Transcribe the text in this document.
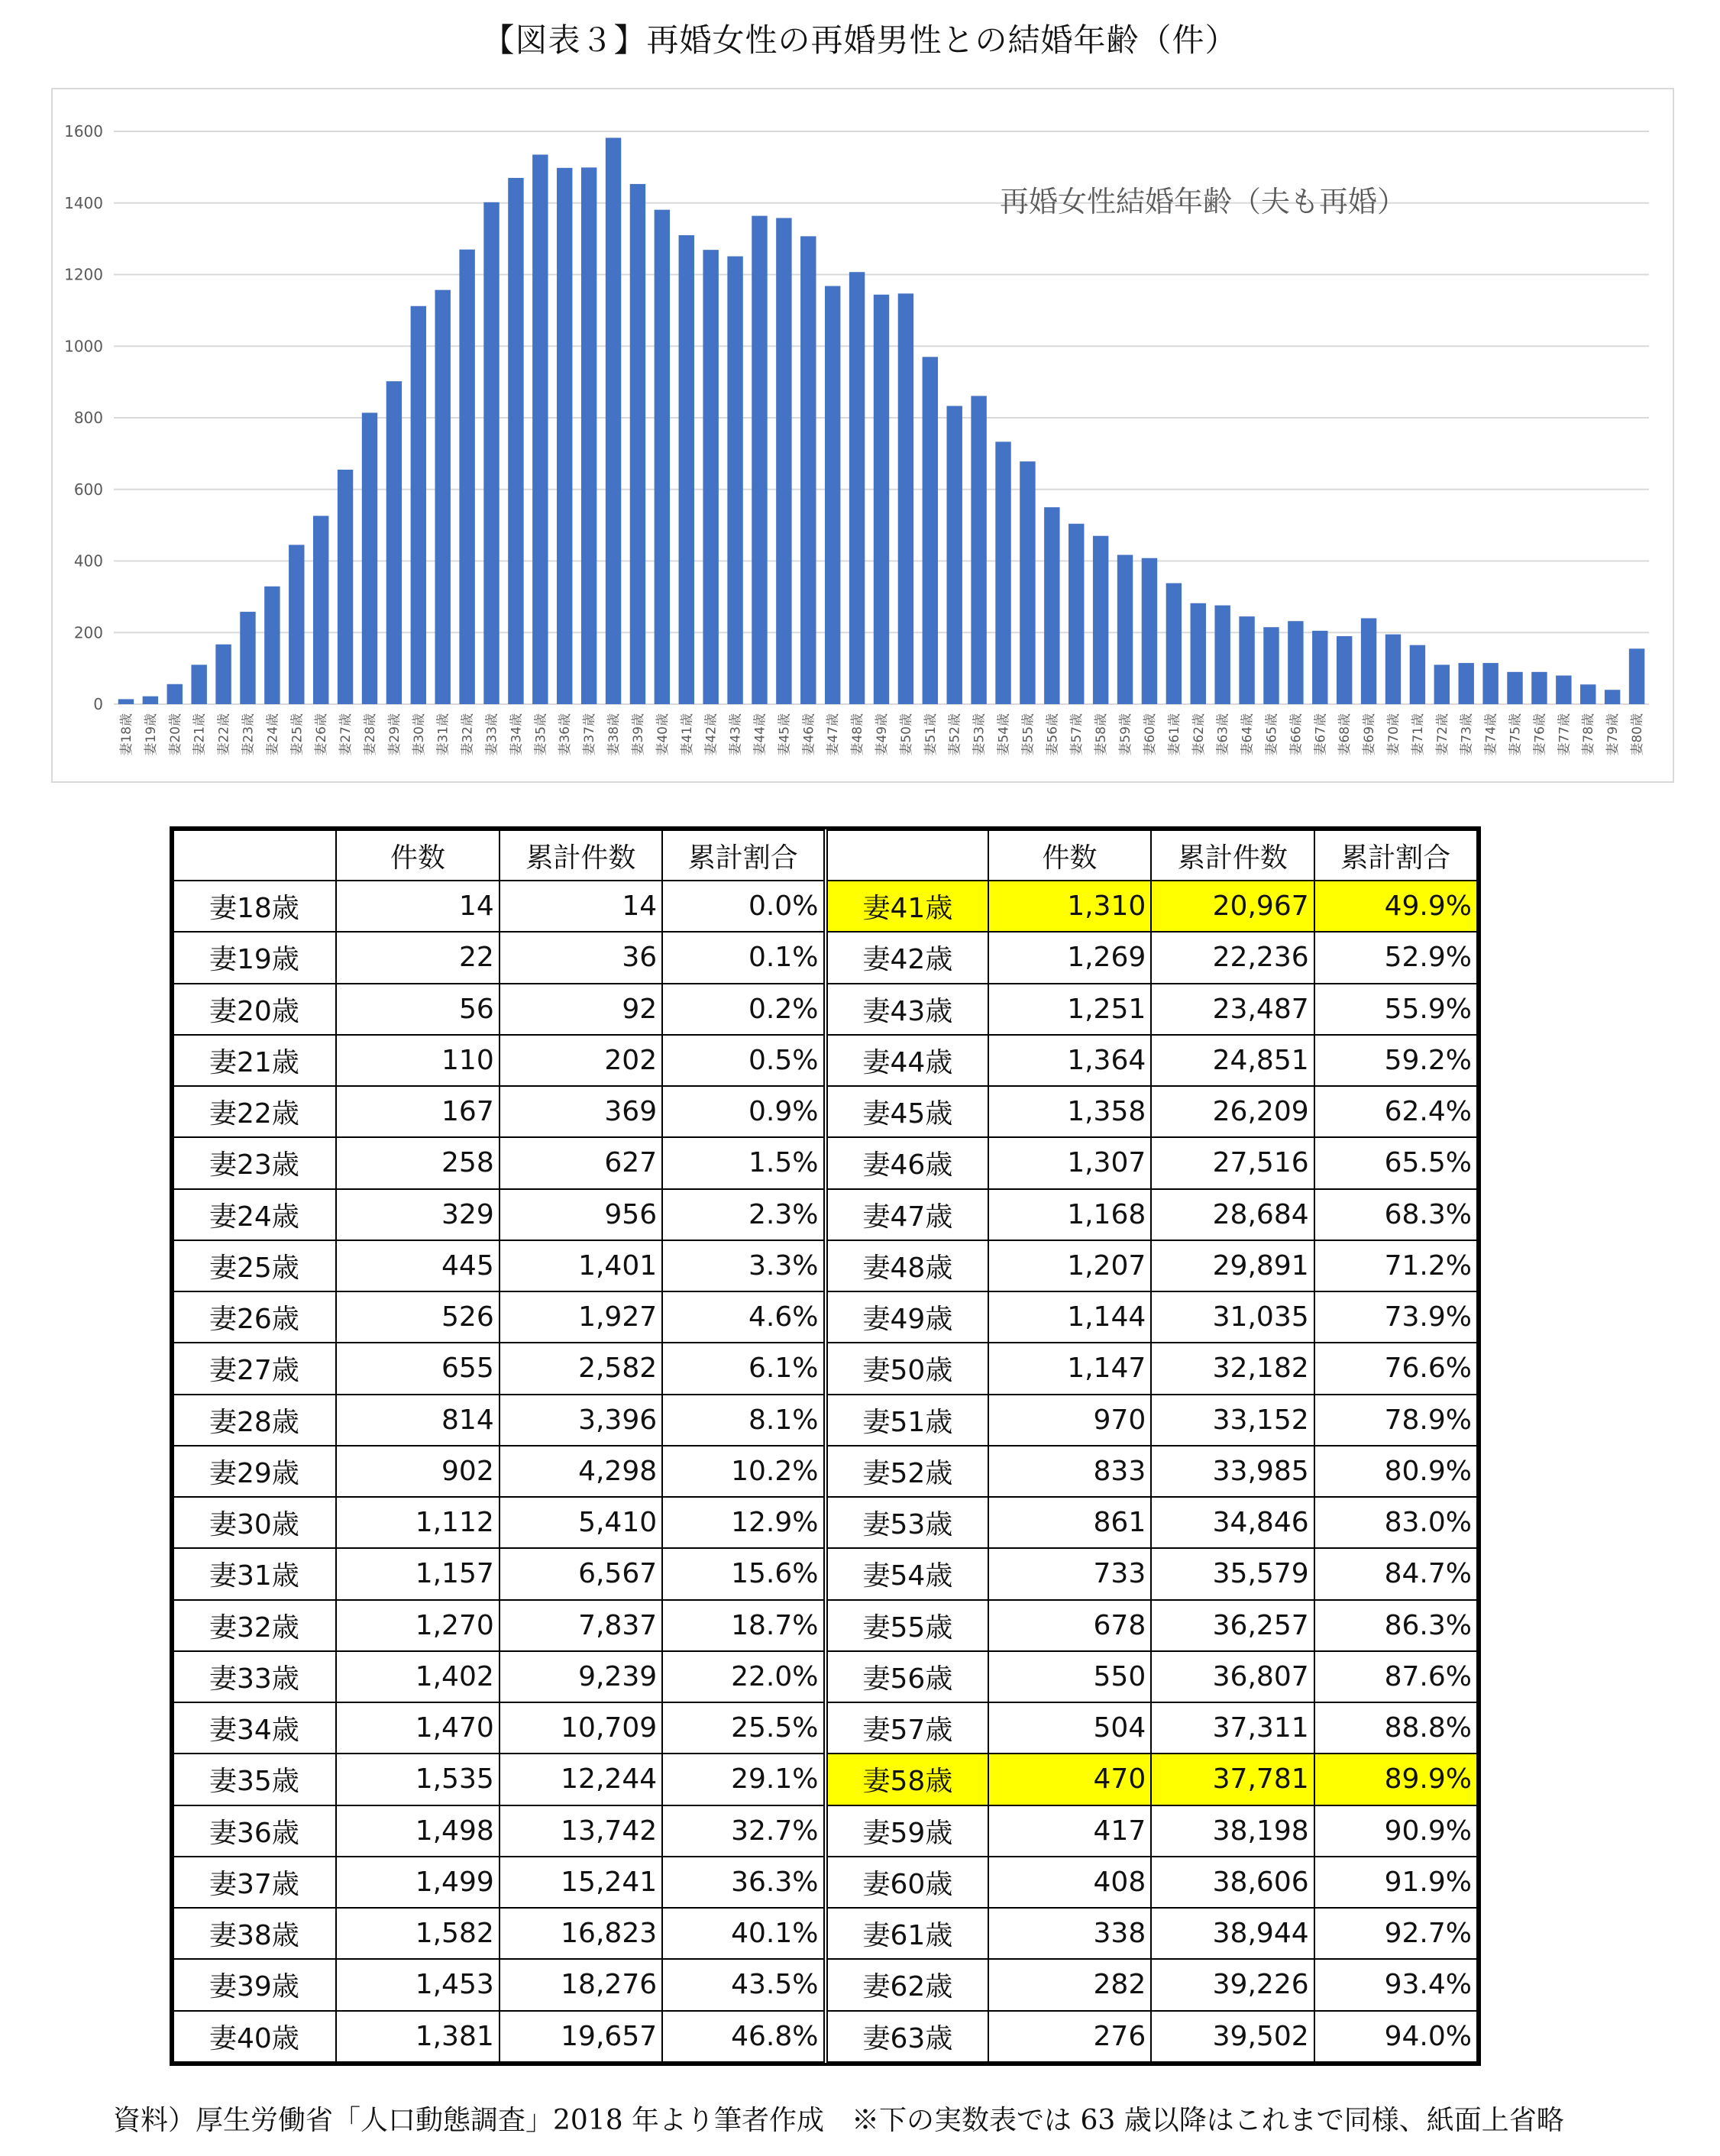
【図表３】再婚女性の再婚男性との結婚年齢（件）
0
200
400
600
800
1000
1200
1400
1600
妻18歳 妻19歳 妻20歳 妻21歳 妻22歳 妻23歳 妻24歳 妻25歳 妻26歳 妻27歳 妻28歳 妻29歳 妻30歳 妻31歳 妻32歳 妻33歳 妻34歳 妻35歳 妻36歳 妻37歳 妻38歳 妻39歳 妻40歳 妻41歳 妻42歳 妻43歳 妻44歳 妻45歳 妻46歳 妻47歳 妻48歳 妻49歳 妻50歳 妻51歳 妻52歳 妻53歳 妻54歳 妻55歳 妻56歳 妻57歳 妻58歳 妻59歳 妻60歳 妻61歳 妻62歳 妻63歳 妻64歳 妻65歳 妻66歳 妻67歳 妻68歳 妻69歳 妻70歳 妻71歳 妻72歳 妻73歳 妻74歳 妻75歳 妻76歳 妻77歳 妻78歳 妻79歳 妻80歳
再婚女性結婚年齢（夫も再婚）
	件数	累計件数	累計割合		件数	累計件数	累計割合
妻18歳	14	14	0.0%	妻41歳	1,310	20,967	49.9%
妻19歳	22	36	0.1%	妻42歳	1,269	22,236	52.9%
妻20歳	56	92	0.2%	妻43歳	1,251	23,487	55.9%
妻21歳	110	202	0.5%	妻44歳	1,364	24,851	59.2%
妻22歳	167	369	0.9%	妻45歳	1,358	26,209	62.4%
妻23歳	258	627	1.5%	妻46歳	1,307	27,516	65.5%
妻24歳	329	956	2.3%	妻47歳	1,168	28,684	68.3%
妻25歳	445	1,401	3.3%	妻48歳	1,207	29,891	71.2%
妻26歳	526	1,927	4.6%	妻49歳	1,144	31,035	73.9%
妻27歳	655	2,582	6.1%	妻50歳	1,147	32,182	76.6%
妻28歳	814	3,396	8.1%	妻51歳	970	33,152	78.9%
妻29歳	902	4,298	10.2%	妻52歳	833	33,985	80.9%
妻30歳	1,112	5,410	12.9%	妻53歳	861	34,846	83.0%
妻31歳	1,157	6,567	15.6%	妻54歳	733	35,579	84.7%
妻32歳	1,270	7,837	18.7%	妻55歳	678	36,257	86.3%
妻33歳	1,402	9,239	22.0%	妻56歳	550	36,807	87.6%
妻34歳	1,470	10,709	25.5%	妻57歳	504	37,311	88.8%
妻35歳	1,535	12,244	29.1%	妻58歳	470	37,781	89.9%
妻36歳	1,498	13,742	32.7%	妻59歳	417	38,198	90.9%
妻37歳	1,499	15,241	36.3%	妻60歳	408	38,606	91.9%
妻38歳	1,582	16,823	40.1%	妻61歳	338	38,944	92.7%
妻39歳	1,453	18,276	43.5%	妻62歳	282	39,226	93.4%
妻40歳	1,381	19,657	46.8%	妻63歳	276	39,502	94.0%
資料）厚生労働省「人口動態調査」2018 年より筆者作成　※下の実数表では 63 歳以降はこれまで同様、紙面上省略
